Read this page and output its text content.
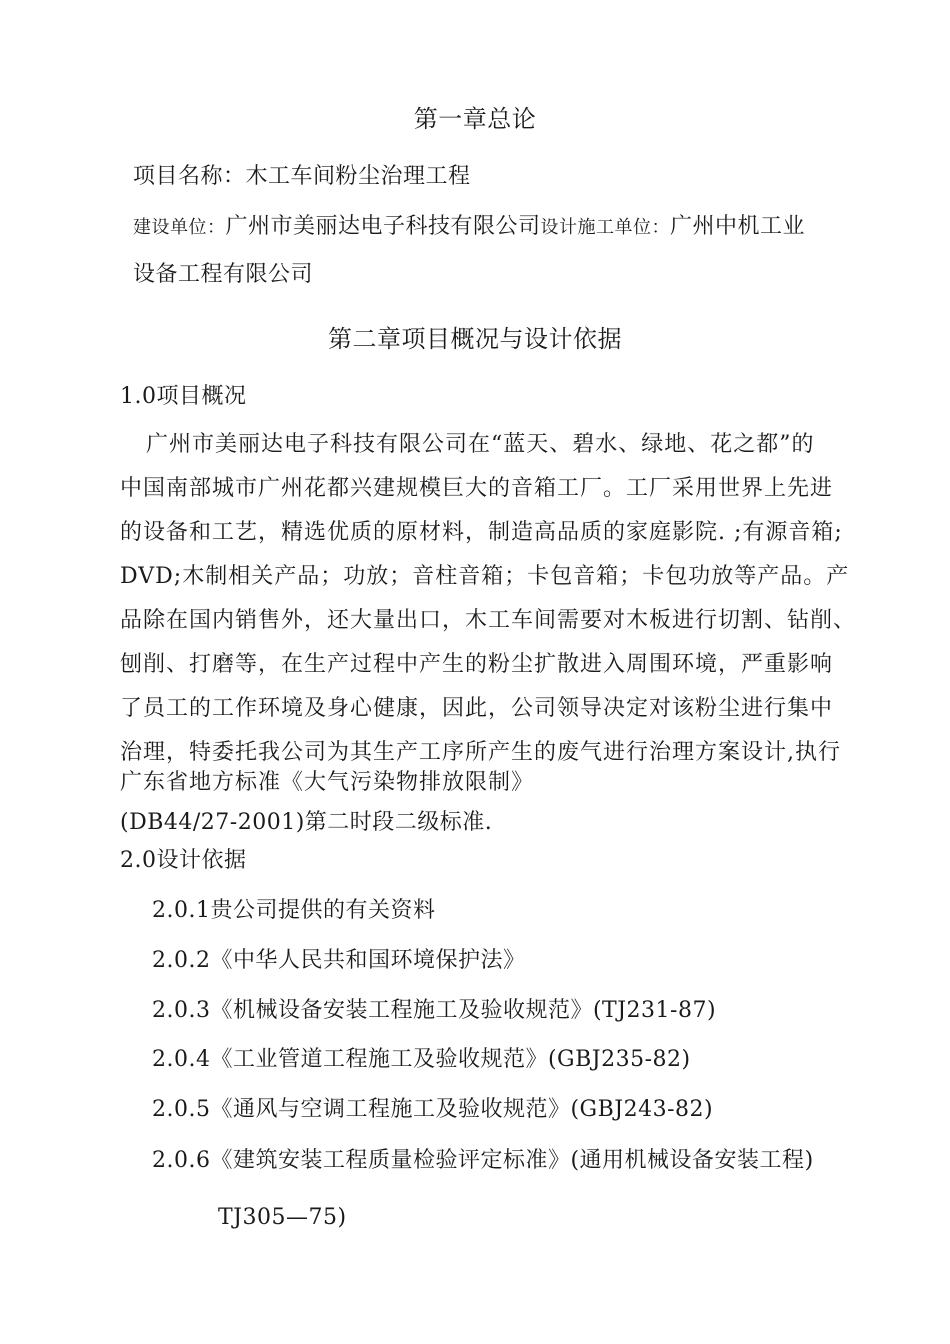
第一章总论
项目名称：木工车间粉尘治理工程
建设单位：广州市美丽达电子科技有限公司设计施工单位：广州中机工业
设备工程有限公司
第二章项目概况与设计依据
1.0项目概况
广州市美丽达电子科技有限公司在“蓝天、碧水、绿地、花之都”的
中国南部城市广州花都兴建规模巨大的音箱工厂。工厂采用世界上先进
的设备和工艺，精选优质的原材料，制造高品质的家庭影院. ;有源音箱;
DVD;木制相关产品；功放；音柱音箱；卡包音箱；卡包功放等产品。产
品除在国内销售外，还大量出口，木工车间需要对木板进行切割、钻削、
刨削、打磨等，在生产过程中产生的粉尘扩散进入周围环境，严重影响
了员工的工作环境及身心健康，因此，公司领导决定对该粉尘进行集中
治理，特委托我公司为其生产工序所产生的废气进行治理方案设计,执行
广东省地方标准《大气污染物排放限制》
(DB44/27-2001)第二时段二级标准.
2.0设计依据
2.0.1贵公司提供的有关资料
2.0.2《中华人民共和国环境保护法》
2.0.3《机械设备安装工程施工及验收规范》(TJ231-87)
2.0.4《工业管道工程施工及验收规范》(GBJ235-82)
2.0.5《通风与空调工程施工及验收规范》(GBJ243-82)
2.0.6《建筑安装工程质量检验评定标准》(通用机械设备安装工程)
TJ305—75)
